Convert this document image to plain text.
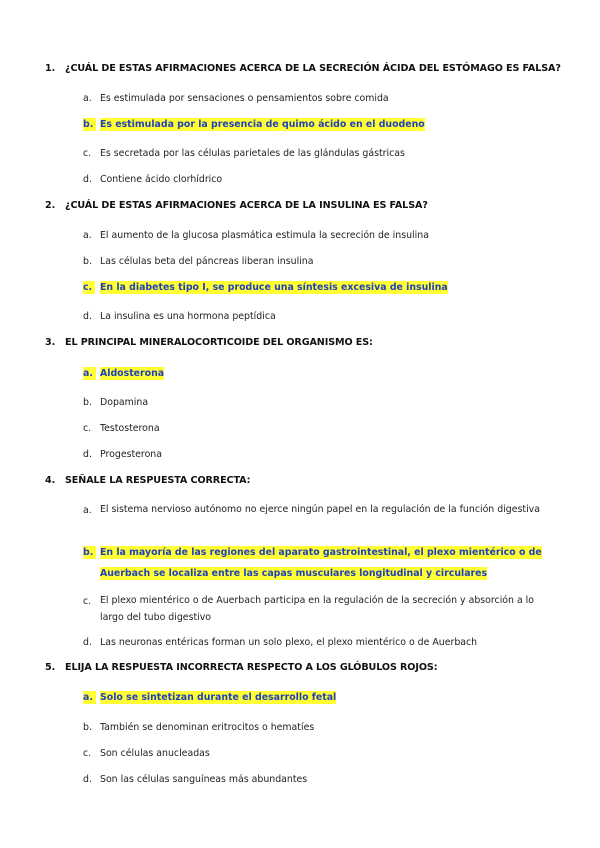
1. ¿CUÁL DE ESTAS AFIRMACIONES ACERCA DE LA SECRECIÓN ÁCIDA DEL ESTÓMAGO ES FALSA?
a. Es estimulada por sensaciones o pensamientos sobre comida
b. Es estimulada por la presencia de quimo ácido en el duodeno
c. Es secretada por las células parietales de las glándulas gástricas
d. Contiene ácido clorhídrico
2. ¿CUÁL DE ESTAS AFIRMACIONES ACERCA DE LA INSULINA ES FALSA?
a. El aumento de la glucosa plasmática estimula la secreción de insulina
b. Las células beta del páncreas liberan insulina
c. En la diabetes tipo I, se produce una síntesis excesiva de insulina
d. La insulina es una hormona peptídica
3. EL PRINCIPAL MINERALOCORTICOIDE DEL ORGANISMO ES:
a. Aldosterona
b. Dopamina
c. Testosterona
d. Progesterona
4. SEÑALE LA RESPUESTA CORRECTA:
a. El sistema nervioso autónomo no ejerce ningún papel en la regulación de la función digestiva
b. En la mayoría de las regiones del aparato gastrointestinal, el plexo mientérico o de Auerbach se localiza entre las capas musculares longitudinal y circulares
c. El plexo mientérico o de Auerbach participa en la regulación de la secreción y absorción a lo largo del tubo digestivo
d. Las neuronas entéricas forman un solo plexo, el plexo mientérico o de Auerbach
5. ELIJA LA RESPUESTA INCORRECTA RESPECTO A LOS GLÓBULOS ROJOS:
a. Solo se sintetizan durante el desarrollo fetal
b. También se denominan eritrocitos o hematíes
c. Son células anucleadas
d. Son las células sanguíneas más abundantes
